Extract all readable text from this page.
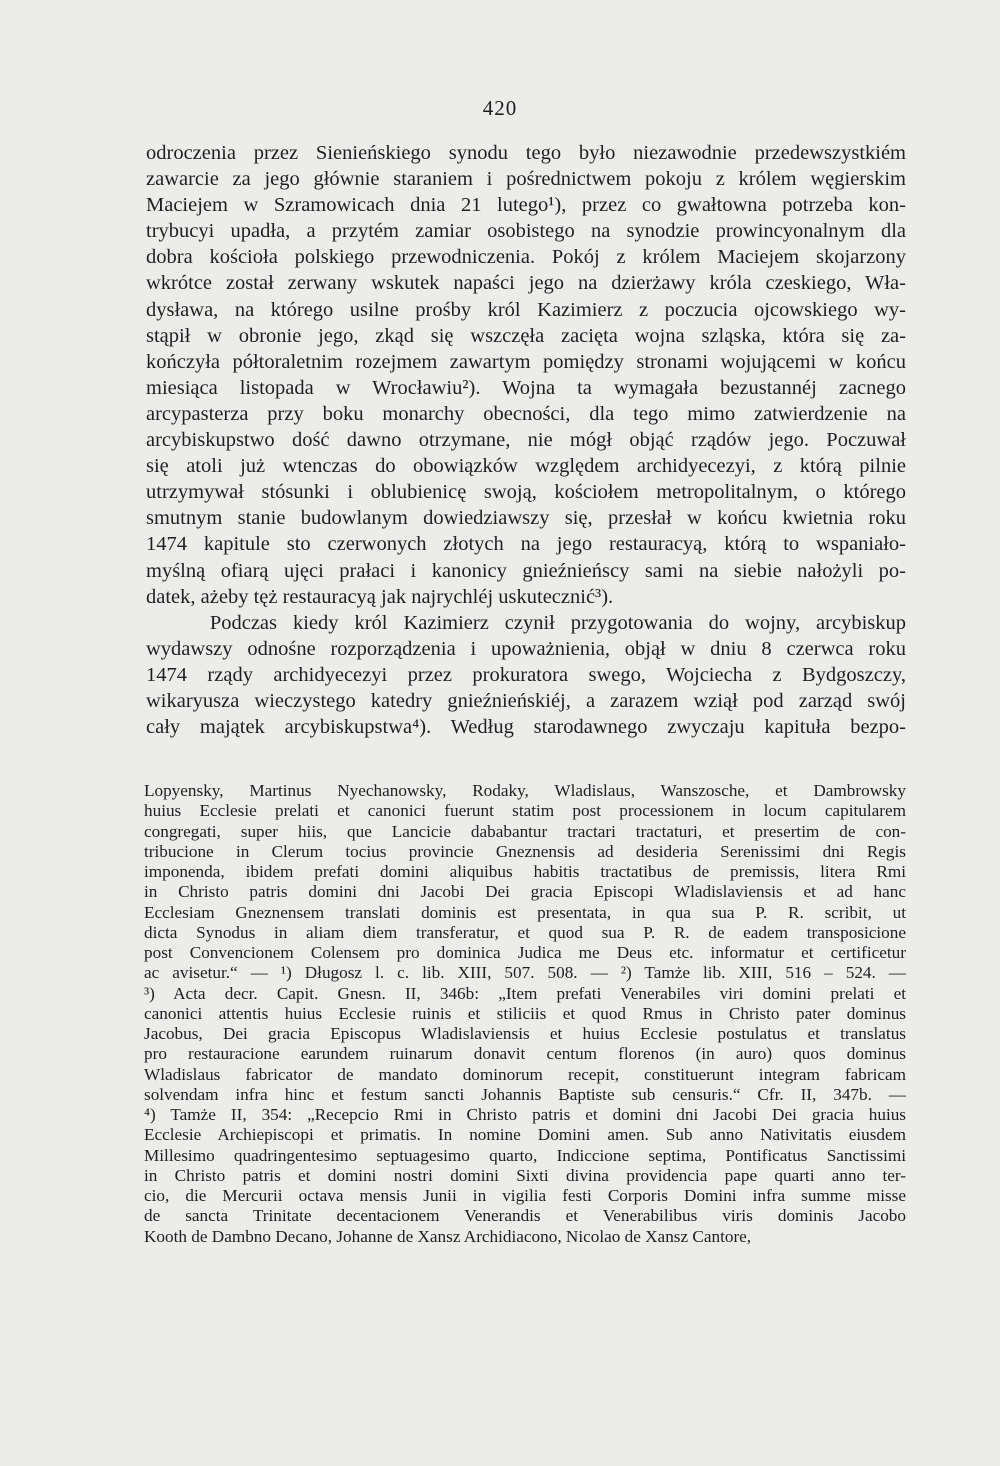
420
odroczenia przez Sienieńskiego synodu tego było niezawodnie przedewszystkiém
zawarcie za jego głównie staraniem i pośrednictwem pokoju z królem węgierskim
Maciejem w Szramowicach dnia 21 lutego¹), przez co gwałtowna potrzeba kon-
trybucyi upadła, a przytém zamiar osobistego na synodzie prowincyonalnym dla
dobra kościoła polskiego przewodniczenia. Pokój z królem Maciejem skojarzony
wkrótce został zerwany wskutek napaści jego na dzierżawy króla czeskiego, Wła-
dysława, na którego usilne prośby król Kazimierz z poczucia ojcowskiego wy-
stąpił w obronie jego, zkąd się wszczęła zacięta wojna szląska, która się za-
kończyła półtoraletnim rozejmem zawartym pomiędzy stronami wojującemi w końcu
miesiąca listopada w Wrocławiu²). Wojna ta wymagała bezustannéj zacnego
arcypasterza przy boku monarchy obecności, dla tego mimo zatwierdzenie na
arcybiskupstwo dość dawno otrzymane, nie mógł objąć rządów jego. Poczuwał
się atoli już wtenczas do obowiązków względem archidyecezyi, z którą pilnie
utrzymywał stósunki i oblubienicę swoją, kościołem metropolitalnym, o którego
smutnym stanie budowlanym dowiedziawszy się, przesłał w końcu kwietnia roku
1474 kapitule sto czerwonych złotych na jego restauracyą, którą to wspaniało-
myślną ofiarą ujęci prałaci i kanonicy gnieźnieńscy sami na siebie nałożyli po-
datek, ażeby tęż restauracyą jak najrychléj uskutecznić³).
Podczas kiedy król Kazimierz czynił przygotowania do wojny, arcybiskup
wydawszy odnośne rozporządzenia i upoważnienia, objął w dniu 8 czerwca roku
1474 rządy archidyecezyi przez prokuratora swego, Wojciecha z Bydgoszczy,
wikaryusza wieczystego katedry gnieźnieńskiéj, a zarazem wziął pod zarząd swój
cały majątek arcybiskupstwa⁴). Według starodawnego zwyczaju kapituła bezpo-
Lopyensky, Martinus Nyechanowsky, Rodaky, Wladislaus, Wanszosche, et Dambrowsky
huius Ecclesie prelati et canonici fuerunt statim post processionem in locum capitularem
congregati, super hiis, que Lancicie dababantur tractari tractaturi, et presertim de con-
tribucione in Clerum tocius provincie Gneznensis ad desideria Serenissimi dni Regis
imponenda, ibidem prefati domini aliquibus habitis tractatibus de premissis, litera Rmi
in Christo patris domini dni Jacobi Dei gracia Episcopi Wladislaviensis et ad hanc
Ecclesiam Gneznensem translati dominis est presentata, in qua sua P. R. scribit, ut
dicta Synodus in aliam diem transferatur, et quod sua P. R. de eadem transposicione
post Convencionem Colensem pro dominica Judica me Deus etc. informatur et certificetur
ac avisetur.“ — ¹) Długosz l. c. lib. XIII, 507. 508. — ²) Tamże lib. XIII, 516 – 524. —
³) Acta decr. Capit. Gnesn. II, 346b: „Item prefati Venerabiles viri domini prelati et
canonici attentis huius Ecclesie ruinis et stiliciis et quod Rmus in Christo pater dominus
Jacobus, Dei gracia Episcopus Wladislaviensis et huius Ecclesie postulatus et translatus
pro restauracione earundem ruinarum donavit centum florenos (in auro) quos dominus
Wladislaus fabricator de mandato dominorum recepit, constituerunt integram fabricam
solvendam infra hinc et festum sancti Johannis Baptiste sub censuris.“ Cfr. II, 347b. —
⁴) Tamże II, 354: „Recepcio Rmi in Christo patris et domini dni Jacobi Dei gracia huius
Ecclesie Archiepiscopi et primatis. In nomine Domini amen. Sub anno Nativitatis eiusdem
Millesimo quadringentesimo septuagesimo quarto, Indiccione septima, Pontificatus Sanctissimi
in Christo patris et domini nostri domini Sixti divina providencia pape quarti anno ter-
cio, die Mercurii octava mensis Junii in vigilia festi Corporis Domini infra summe misse
de sancta Trinitate decentacionem Venerandis et Venerabilibus viris dominis Jacobo
Kooth de Dambno Decano, Johanne de Xansz Archidiacono, Nicolao de Xansz Cantore,
